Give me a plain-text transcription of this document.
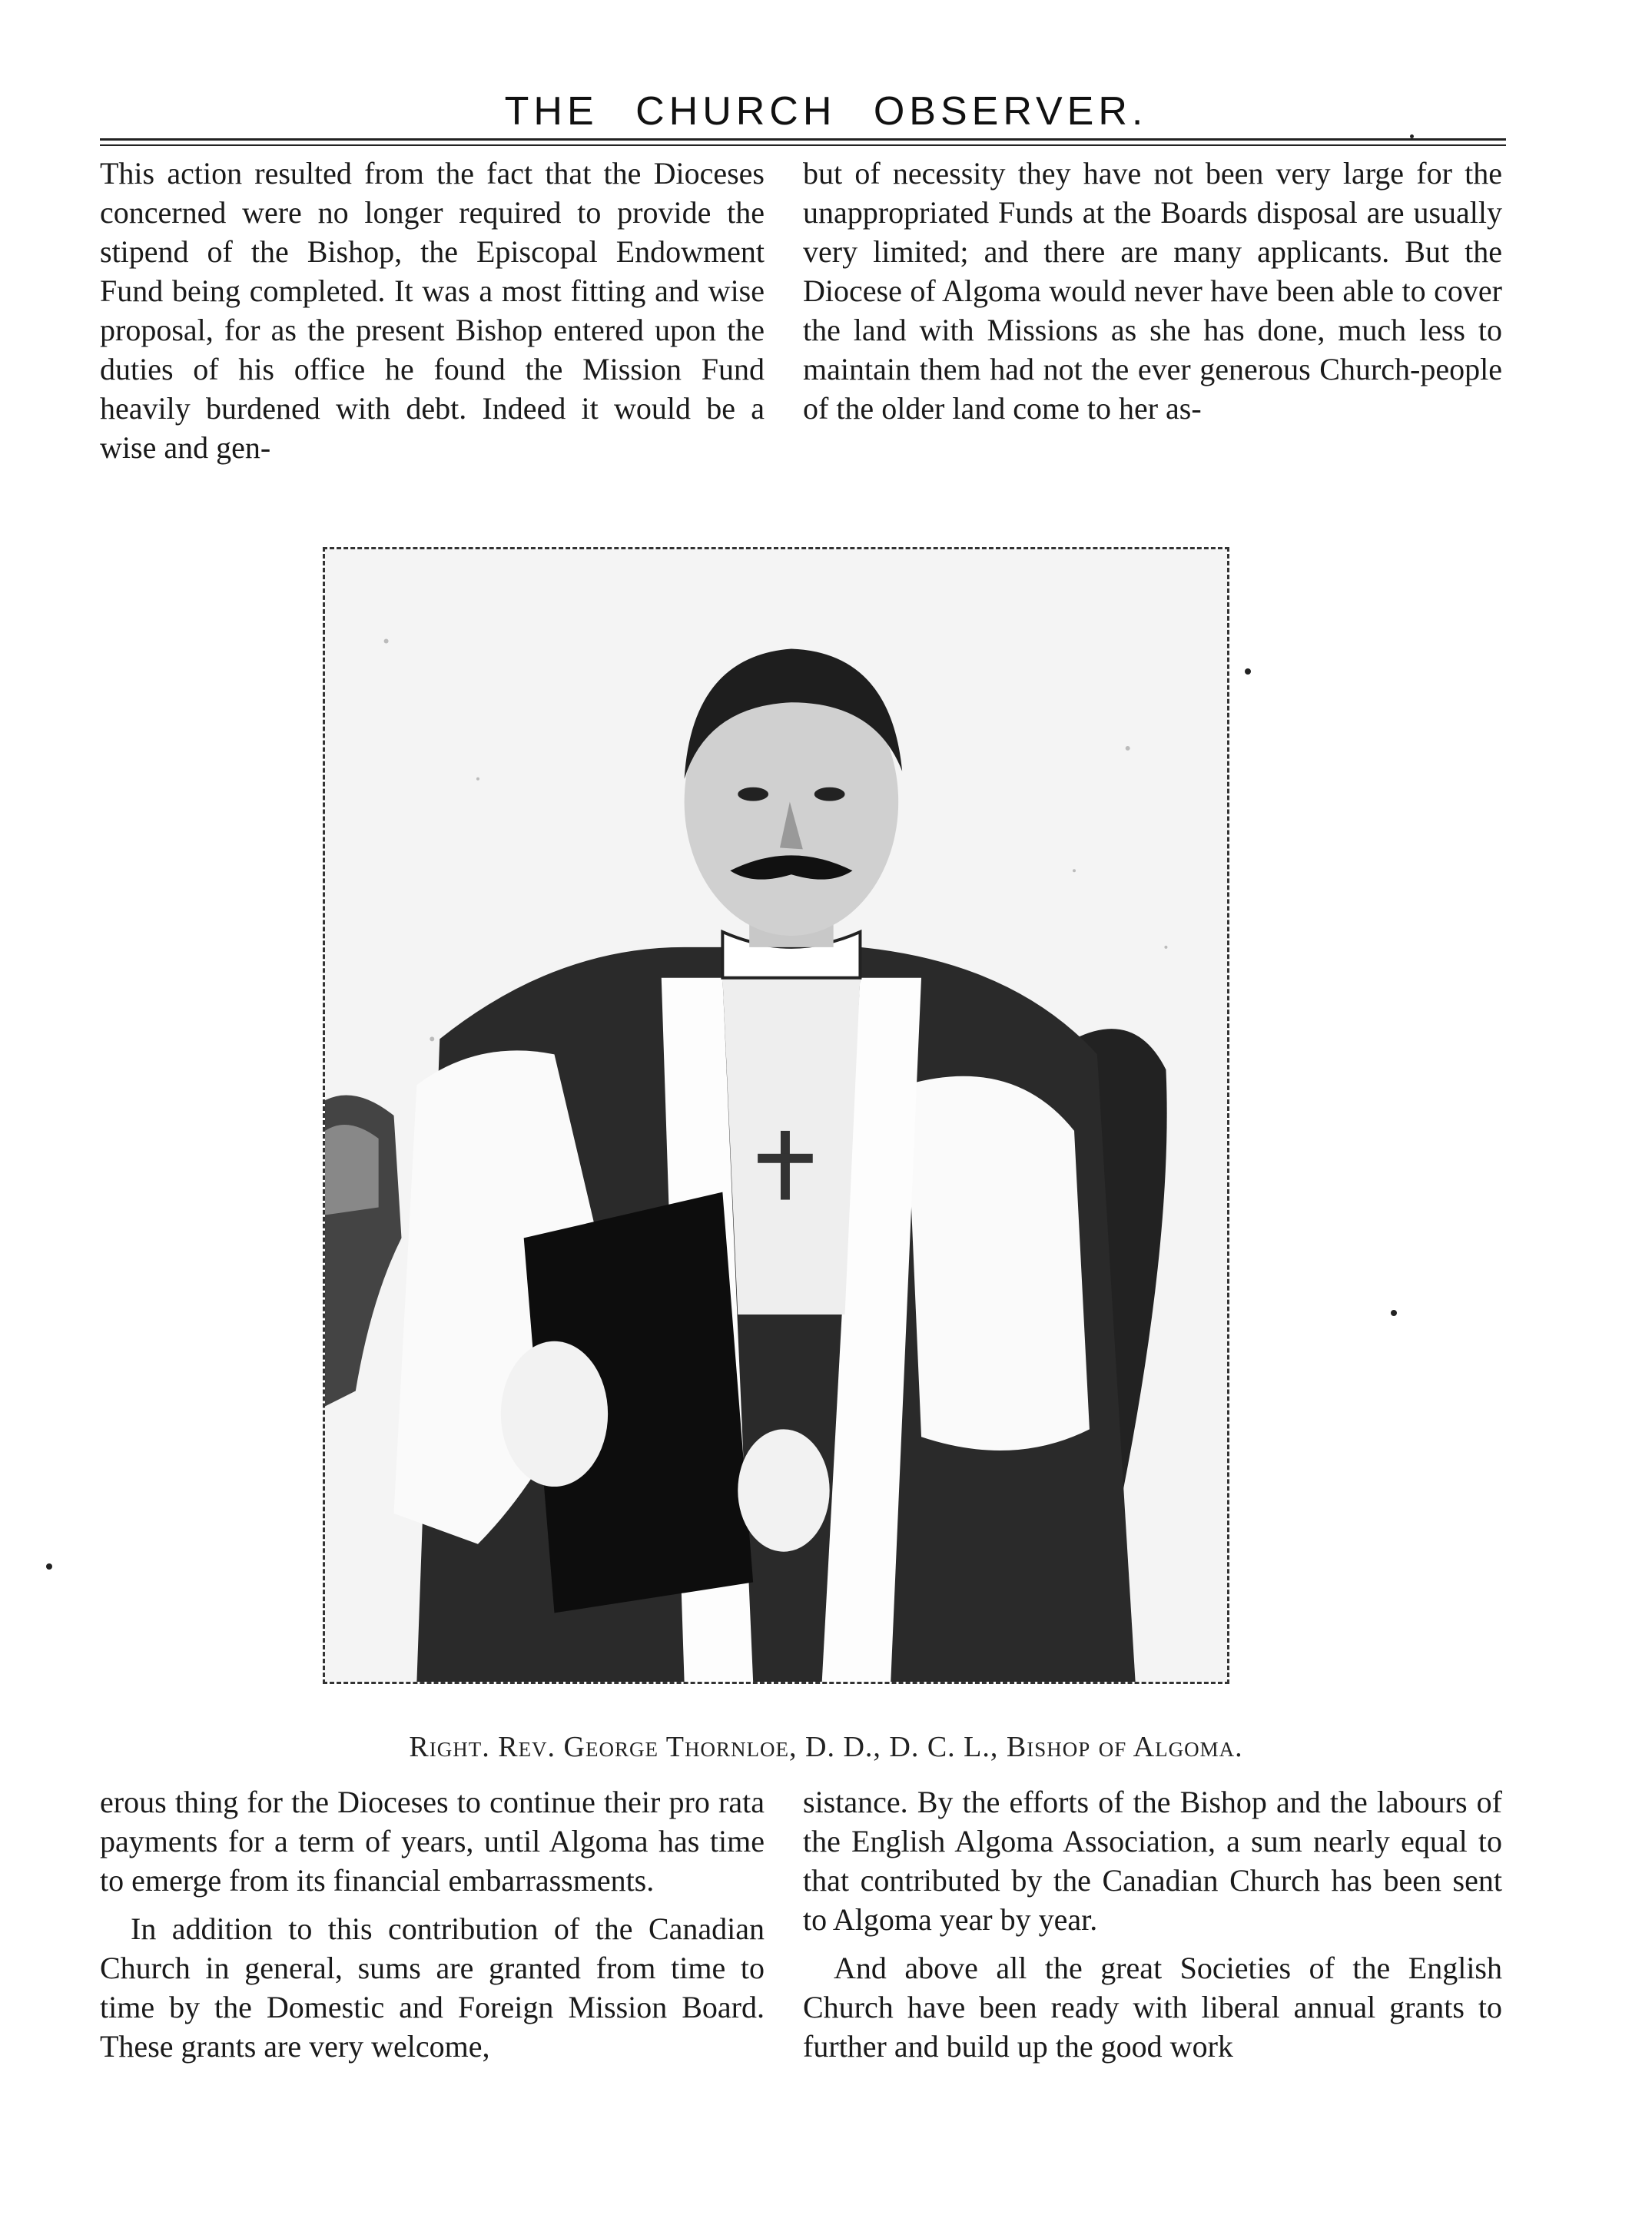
THE CHURCH OBSERVER.

This action resulted from the fact that the Dioceses concerned were no longer required to provide the stipend of the Bishop, the Episcopal Endowment Fund being completed. It was a most fitting and wise proposal, for as the present Bishop entered upon the duties of his office he found the Mission Fund heavily burdened with debt. Indeed it would be a wise and gen-

but of necessity they have not been very large for the unappropriated Funds at the Boards disposal are usually very limited; and there are many applicants. But the Diocese of Algoma would never have been able to cover the land with Missions as she has done, much less to maintain them had not the ever generous Church-people of the older land come to her as-

Right. Rev. George Thornloe, D. D., D. C. L., Bishop of Algoma.

erous thing for the Dioceses to continue their pro rata payments for a term of years, until Algoma has time to emerge from its financial embarrassments.

In addition to this contribution of the Canadian Church in general, sums are granted from time to time by the Domestic and Foreign Mission Board. These grants are very welcome,

sistance. By the efforts of the Bishop and the labours of the English Algoma Association, a sum nearly equal to that contributed by the Canadian Church has been sent to Algoma year by year.

And above all the great Societies of the English Church have been ready with liberal annual grants to further and build up the good work
